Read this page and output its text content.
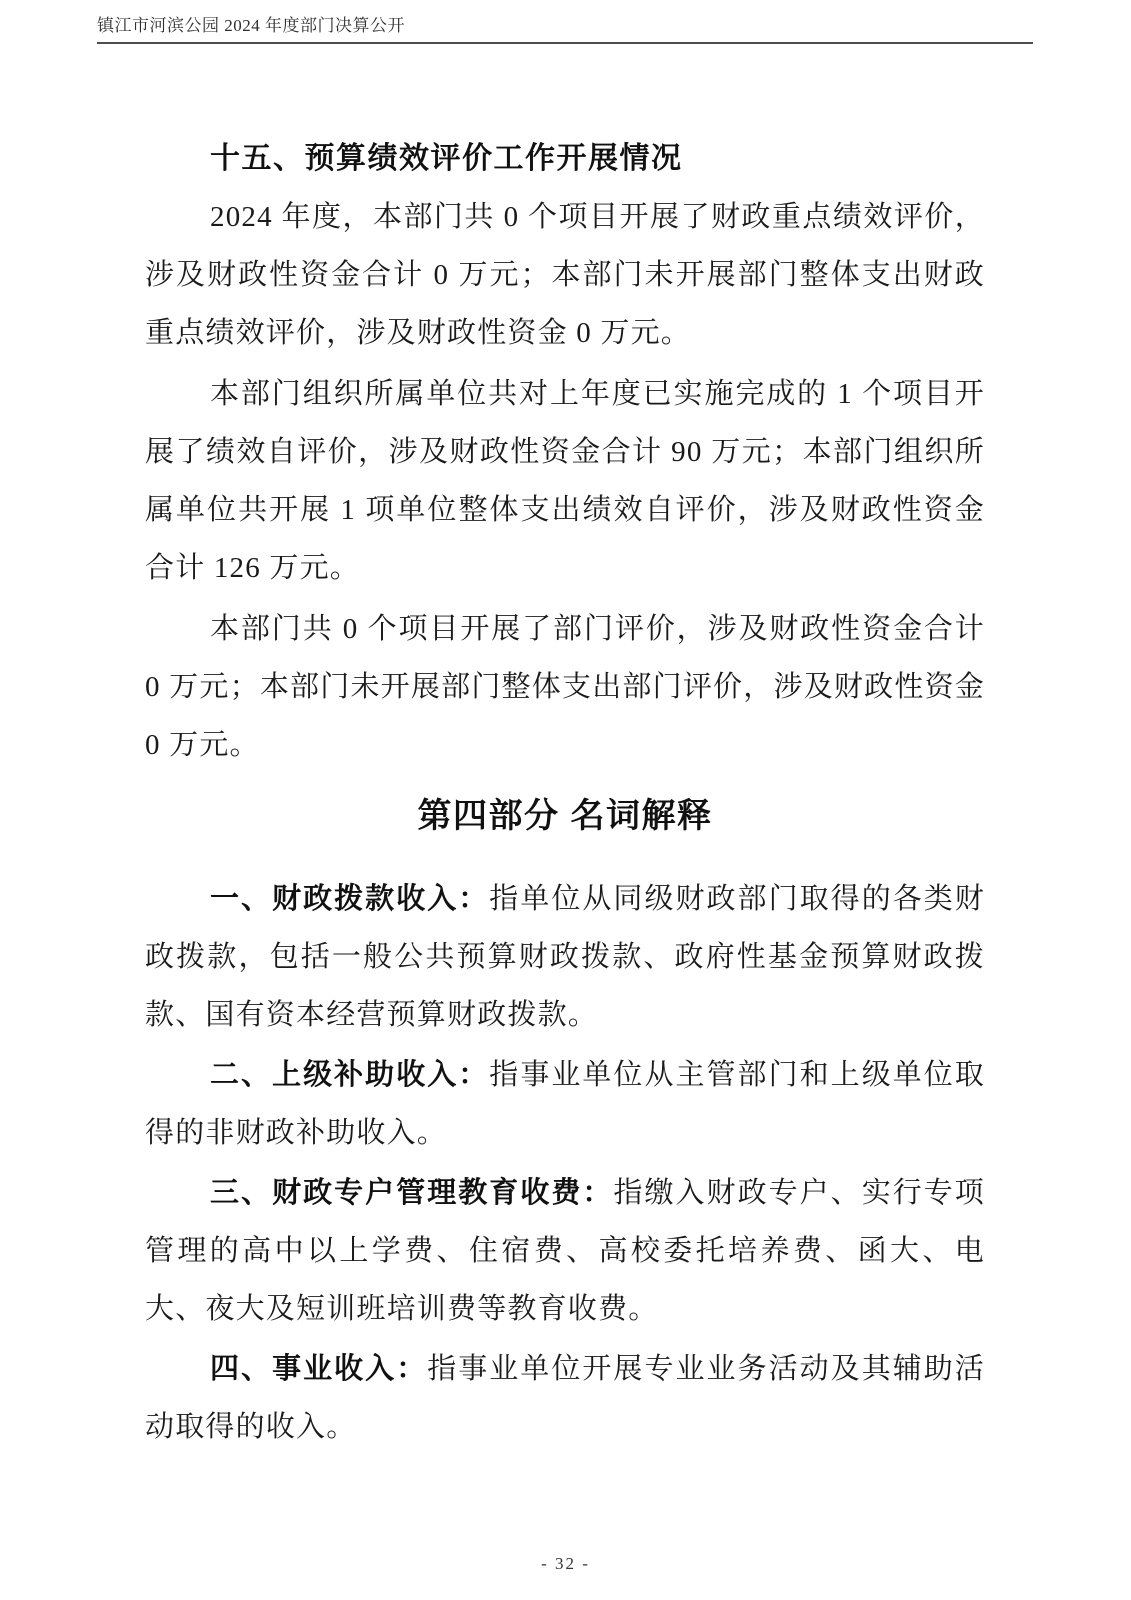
镇江市河滨公园 2024 年度部门决算公开
十五、预算绩效评价工作开展情况

2024 年度，本部门共 0 个项目开展了财政重点绩效评价，涉及财政性资金合计 0 万元；本部门未开展部门整体支出财政重点绩效评价，涉及财政性资金 0 万元。

本部门组织所属单位共对上年度已实施完成的 1 个项目开展了绩效自评价，涉及财政性资金合计 90 万元；本部门组织所属单位共开展 1 项单位整体支出绩效自评价，涉及财政性资金合计 126 万元。

本部门共 0 个项目开展了部门评价，涉及财政性资金合计 0 万元；本部门未开展部门整体支出部门评价，涉及财政性资金 0 万元。

第四部分 名词解释

一、财政拨款收入：指单位从同级财政部门取得的各类财政拨款，包括一般公共预算财政拨款、政府性基金预算财政拨款、国有资本经营预算财政拨款。

二、上级补助收入：指事业单位从主管部门和上级单位取得的非财政补助收入。

三、财政专户管理教育收费：指缴入财政专户、实行专项管理的高中以上学费、住宿费、高校委托培养费、函大、电大、夜大及短训班培训费等教育收费。

四、事业收入：指事业单位开展专业业务活动及其辅助活动取得的收入。

- 32 -
